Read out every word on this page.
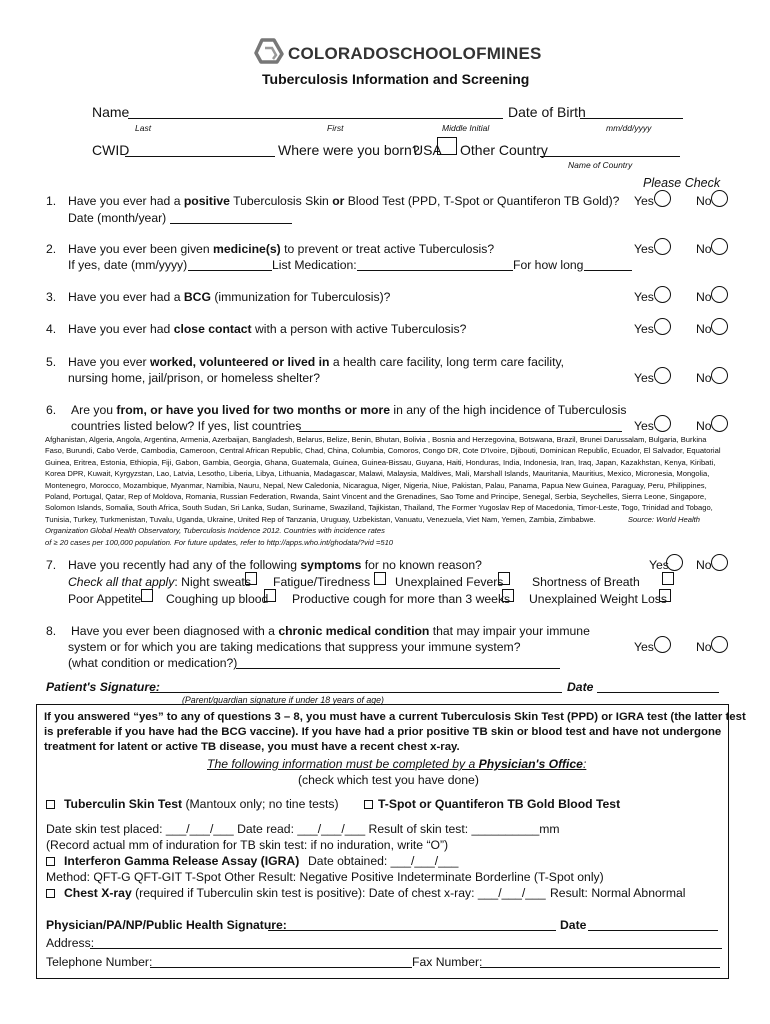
COLORADOSCHOOLOFMINES
Tuberculosis Information and Screening
Name	Date of Birth
Last	First	Middle Initial	mm/dd/yyyy
CWID	Where were you born?
USA Other Country
Name of Country
Please Check
1. Have you ever had a positive Tuberculosis Skin or Blood Test (PPD, T-Spot or Quantiferon TB Gold)?
Date (month/year)
Yes	No
2. Have you ever been given medicine(s) to prevent or treat active Tuberculosis?
If yes, date (mm/yyyy)	List Medication:	For how long
Yes	No
3. Have you ever had a BCG (immunization for Tuberculosis)?	Yes	No
4. Have you ever had close contact with a person with active Tuberculosis?	Yes	No
5. Have you ever worked, volunteered or lived in a health care facility, long term care facility,
nursing home, jail/prison, or homeless shelter?	Yes	No
6. Are you from, or have you lived for two months or more in any of the high incidence of Tuberculosis
countries listed below? If yes, list countries	Yes	No
Afghanistan, Algeria, Angola, Argentina, Armenia, Azerbaijan, Bangladesh, Belarus, Belize, Benin, Bhutan, Bolivia , Bosnia and Herzegovina, Botswana, Brazil, Brunei Darussalam, Bulgaria, Burkina Faso, Burundi, Cabo Verde, Cambodia, Cameroon, Central African Republic, Chad, China, Columbia, Comoros, Congo DR, Cote D'Ivoire, Djibouti, Dominican Republic, Ecuador, El Salvador, Equatorial Guinea, Eritrea, Estonia, Ethiopia, Fiji, Gabon, Gambia, Georgia, Ghana, Guatemala, Guinea, Guinea-Bissau, Guyana, Haiti, Honduras, India, Indonesia, Iran, Iraq, Japan, Kazakhstan, Kenya, Kiribati, Korea DPR, Kuwait, Kyrgyzstan, Lao, Latvia, Lesotho, Liberia, Libya, Lithuania, Madagascar, Malawi, Malaysia, Maldives, Mali, Marshall Islands, Mauritania, Mauritius, Mexico, Micronesia, Mongolia, Montenegro, Morocco, Mozambique, Myanmar, Namibia, Nauru, Nepal, New Caledonia, Nicaragua, Niger, Nigeria, Niue, Pakistan, Palau, Panama, Papua New Guinea, Paraguay, Peru, Philippines, Poland, Portugal, Qatar, Rep of Moldova, Romania, Russian Federation, Rwanda, Saint Vincent and the Grenadines, Sao Tome and Principe, Senegal, Serbia, Seychelles, Sierra Leone, Singapore, Solomon Islands, Somalia, South Africa, South Sudan, Sri Lanka, Sudan, Suriname, Swaziland, Tajikistan, Thailand, The Former Yugoslav Rep of Macedonia, Timor-Leste, Togo, Trinidad and Tobago, Tunisia, Turkey, Turkmenistan, Tuvalu, Uganda, Ukraine, United Rep of Tanzania, Uruguay, Uzbekistan, Vanuatu, Venezuela, Viet Nam, Yemen, Zambia, Zimbabwe.	Source: World Health Organization Global Health Observatory, Tuberculosis Incidence 2012. Countries with incidence rates
of ≥ 20 cases per 100,000 population. For future updates, refer to http://apps.who.int/ghodata/?vid =510
7. Have you recently had any of the following symptoms for no known reason?	Yes No
Check all that apply: Night sweats Fatigue/Tiredness Unexplained Fevers Shortness of Breath
Poor Appetite Coughing up blood Productive cough for more than 3 weeks Unexplained Weight Loss
8. Have you ever been diagnosed with a chronic medical condition that may impair your immune
system or for which you are taking medications that suppress your immune system?
(what condition or medication?)
Yes	No
Patient's Signature:	Date
(Parent/guardian signature if under 18 years of age)
If you answered “yes” to any of questions 3 – 8, you must have a current Tuberculosis Skin Test (PPD) or IGRA test (the latter test
is preferable if you have had the BCG vaccine). If you have had a prior positive TB skin or blood test and have not undergone
treatment for latent or active TB disease, you must have a recent chest x-ray.
The following information must be completed by a Physician's Office:
(check which test you have done)
Tuberculin Skin Test (Mantoux only; no tine tests)	T-Spot or Quantiferon TB Gold Blood Test
Date skin test placed: ___/___/___ Date read: ___/___/___ Result of skin test: __________mm
(Record actual mm of induration for TB skin test: if no induration, write “O”)
Interferon Gamma Release Assay (IGRA) Date obtained: ___/___/___
Method: QFT-G QFT-GIT T-Spot Other Result: Negative Positive Indeterminate Borderline (T-Spot only)
Chest X-ray (required if Tuberculin skin test is positive): Date of chest x-ray: ___/___/___ Result: Normal Abnormal
Physician/PA/NP/Public Health Signature:	Date
Address:
Telephone Number:	Fax Number:
